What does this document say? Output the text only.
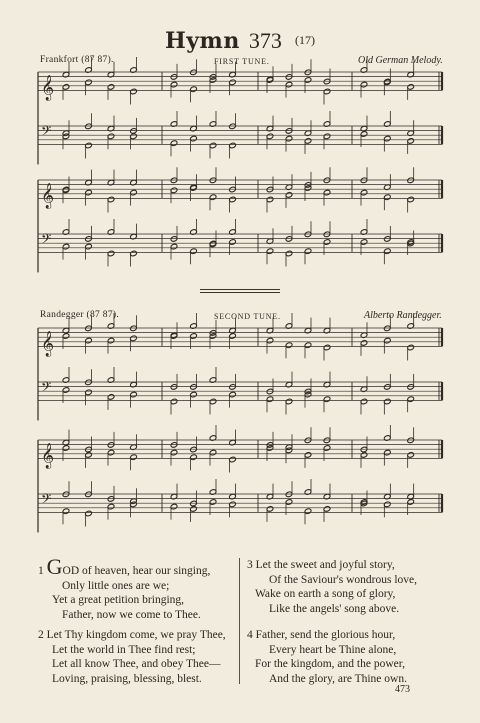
Hymn 373 $^{(17)}$
Frankfort (87 87).	FIRST TUNE.	Old German Melody.
Randegger (87 87).	SECOND TUNE.	Alberto Randegger.
𝄞
𝄢
𝄞
𝄢
𝄞
𝄢
𝄞
𝄢
1 GOD of heaven, hear our singing,
Only little ones are we;
Yet a great petition bringing,
Father, now we come to Thee.
2 Let Thy kingdom come, we pray Thee,
Let the world in Thee find rest;
Let all know Thee, and obey Thee—
Loving, praising, blessing, blest.
3 Let the sweet and joyful story,
Of the Saviour's wondrous love,
Wake on earth a song of glory,
Like the angels' song above.
4 Father, send the glorious hour,
Every heart be Thine alone,
For the kingdom, and the power,
And the glory, are Thine own.
473
